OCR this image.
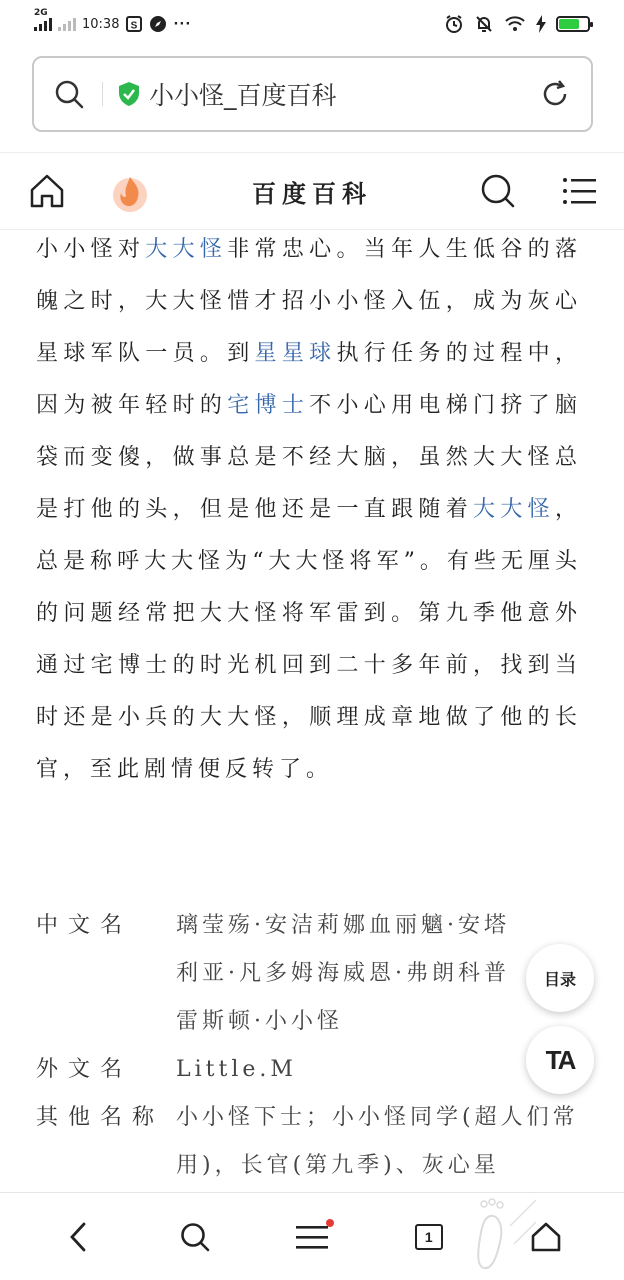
2G
10:38 S	···
小小怪_百度百科
百度百科
小小怪对大大怪非常忠心。当年人生低谷的落魄之时，大大怪惜才招小小怪入伍，成为灰心星球军队一员。到星星球执行任务的过程中，因为被年轻时的宅博士不小心用电梯门挤了脑袋而变傻，做事总是不经大脑，虽然大大怪总是打他的头，但是他还是一直跟随着大大怪，总是称呼大大怪为“大大怪将军”。有些无厘头的问题经常把大大怪将军雷到。第九季他意外通过宅博士的时光机回到二十多年前，找到当时还是小兵的大大怪，顺理成章地做了他的长官，至此剧情便反转了。
中文名	璃莹殇·安洁莉娜血丽魑·安塔利亚·凡多姆海威恩·弗朗科普雷斯顿·小小怪
外文名	Little.M
其他名称 小小怪下士；小小怪同学(超人们常用)，长官(第九季)、灰心星
目录
TA
1
